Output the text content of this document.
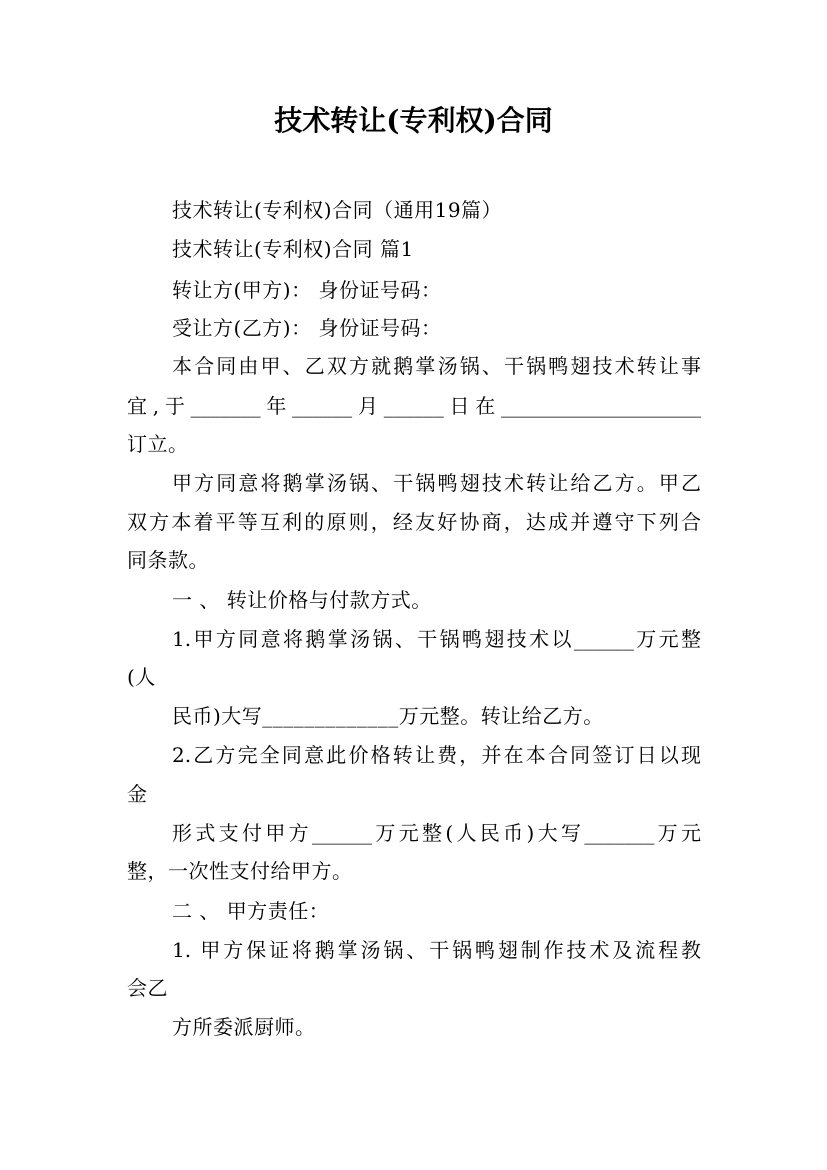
技术转让(专利权)合同
技术转让(专利权)合同（通用19篇）
技术转让(专利权)合同 篇1
转让方(甲方)： 身份证号码：
受让方(乙方)： 身份证号码：
本合同由甲、乙双方就鹅掌汤锅、干锅鸭翅技术转让事
宜,于_______年______月______日在____________________
订立。
甲方同意将鹅掌汤锅、干锅鸭翅技术转让给乙方。甲乙
双方本着平等互利的原则，经友好协商，达成并遵守下列合
同条款。
一 、 转让价格与付款方式。
1.甲方同意将鹅掌汤锅、干锅鸭翅技术以______万元整
(人
民币)大写_____________万元整。转让给乙方。
2.乙方完全同意此价格转让费，并在本合同签订日以现
金
形式支付甲方______万元整(人民币)大写_______万元
整，一次性支付给甲方。
二 、 甲方责任：
1. 甲方保证将鹅掌汤锅、干锅鸭翅制作技术及流程教
会乙
方所委派厨师。
